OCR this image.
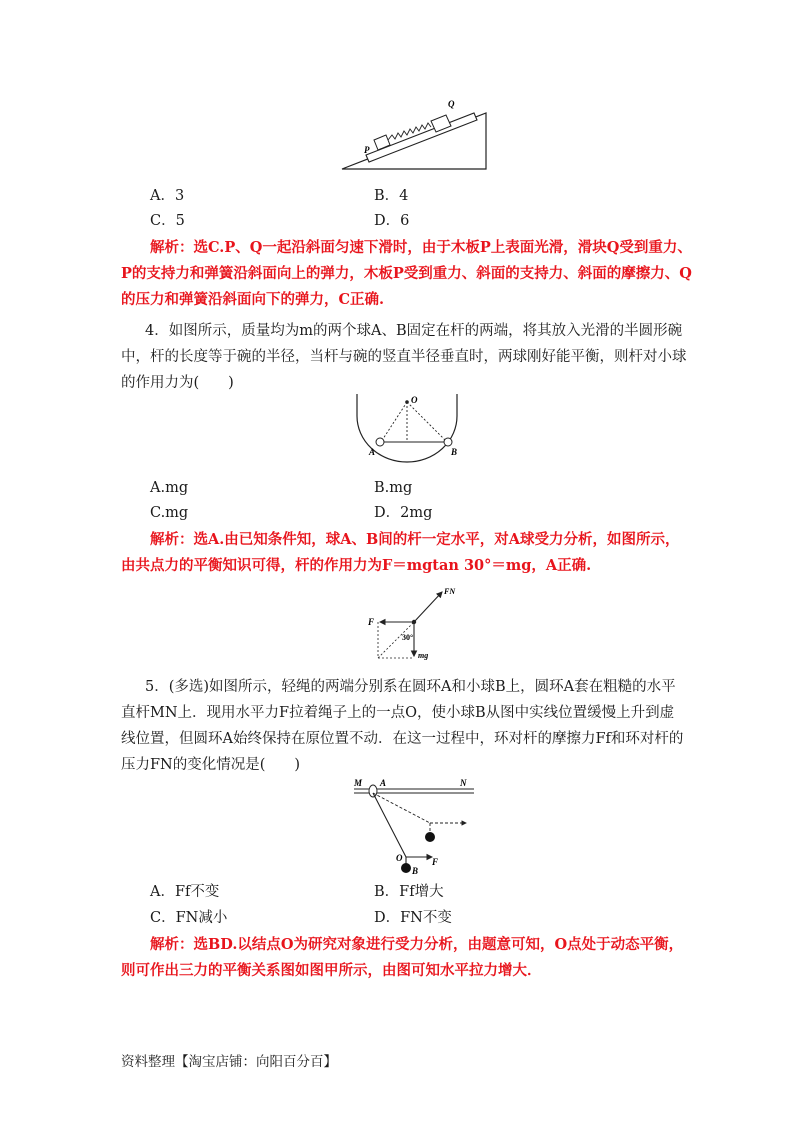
P
Q
A．3	B．4
C．5	D．6
解析：选C.P、Q一起沿斜面匀速下滑时，由于木板P上表面光滑，滑块Q受到重力、
P的支持力和弹簧沿斜面向上的弹力，木板P受到重力、斜面的支持力、斜面的摩擦力、Q
的压力和弹簧沿斜面向下的弹力，C正确.
4．如图所示，质量均为m的两个球A、B固定在杆的两端，将其放入光滑的半圆形碗
中，杆的长度等于碗的半径，当杆与碗的竖直半径垂直时，两球刚好能平衡，则杆对小球
的作用力为(　　)
O
A	B
A.mg	B.mg
C.mg	D．2mg
解析：选A.由已知条件知，球A、B间的杆一定水平，对A球受力分析，如图所示，
由共点力的平衡知识可得，杆的作用力为F＝mgtan 30°＝mg，A正确.
FN
F
30°
mg
5．(多选)如图所示，轻绳的两端分别系在圆环A和小球B上，圆环A套在粗糙的水平
直杆MN上．现用水平力F拉着绳子上的一点O，使小球B从图中实线位置缓慢上升到虚
线位置，但圆环A始终保持在原位置不动．在这一过程中，环对杆的摩擦力Ff和环对杆的
压力FN的变化情况是(　　)
M A	N
O	F
B
A．Ff不变	B．Ff增大
C．FN减小	D．FN不变
解析：选BD.以结点O为研究对象进行受力分析，由题意可知，O点处于动态平衡，
则可作出三力的平衡关系图如图甲所示，由图可知水平拉力增大．
资料整理【淘宝店铺：向阳百分百】
